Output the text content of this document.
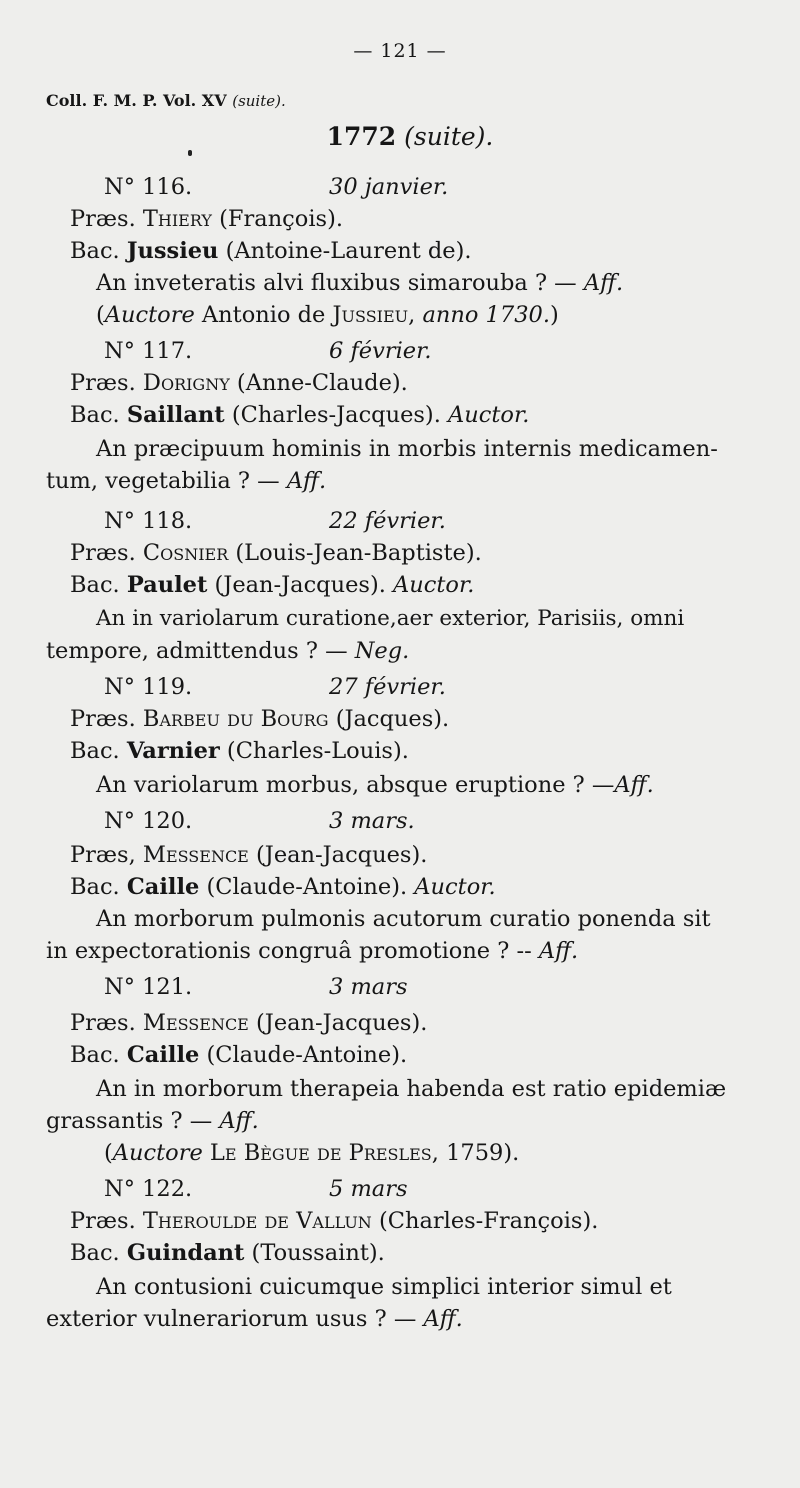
— 121 —
Coll. F. M. P. Vol. XV (suite).
1772 (suite).
N° 116.	30 janvier.
Præs. Thiery (François).
Bac. Jussieu (Antoine-Laurent de).
An inveteratis alvi fluxibus simarouba ? — Aff.
(Auctore Antonio de Jussieu, anno 1730.)
N° 117.	6 février.
Præs. Dorigny (Anne-Claude).
Bac. Saillant (Charles-Jacques). Auctor.
An præcipuum hominis in morbis internis medicamen-
tum, vegetabilia ? — Aff.
N° 118.	22 février.
Præs. Cosnier (Louis-Jean-Baptiste).
Bac. Paulet (Jean-Jacques). Auctor.
An in variolarum curatione,aer exterior, Parisiis, omni
tempore, admittendus ? — Neg.
N° 119.	27 février.
Præs. Barbeu du Bourg (Jacques).
Bac. Varnier (Charles-Louis).
An variolarum morbus, absque eruptione ? —Aff.
N° 120.	3 mars.
Præs, Messence (Jean-Jacques).
Bac. Caille (Claude-Antoine). Auctor.
An morborum pulmonis acutorum curatio ponenda sit
in expectorationis congruâ promotione ? -- Aff.
N° 121.	3 mars
Præs. Messence (Jean-Jacques).
Bac. Caille (Claude-Antoine).
An in morborum therapeia habenda est ratio epidemiæ
grassantis ? — Aff.
(Auctore Le Bègue de Presles, 1759).
N° 122.	5 mars
Præs. Theroulde de Vallun (Charles-François).
Bac. Guindant (Toussaint).
An contusioni cuicumque simplici interior simul et
exterior vulnerariorum usus ? — Aff.
